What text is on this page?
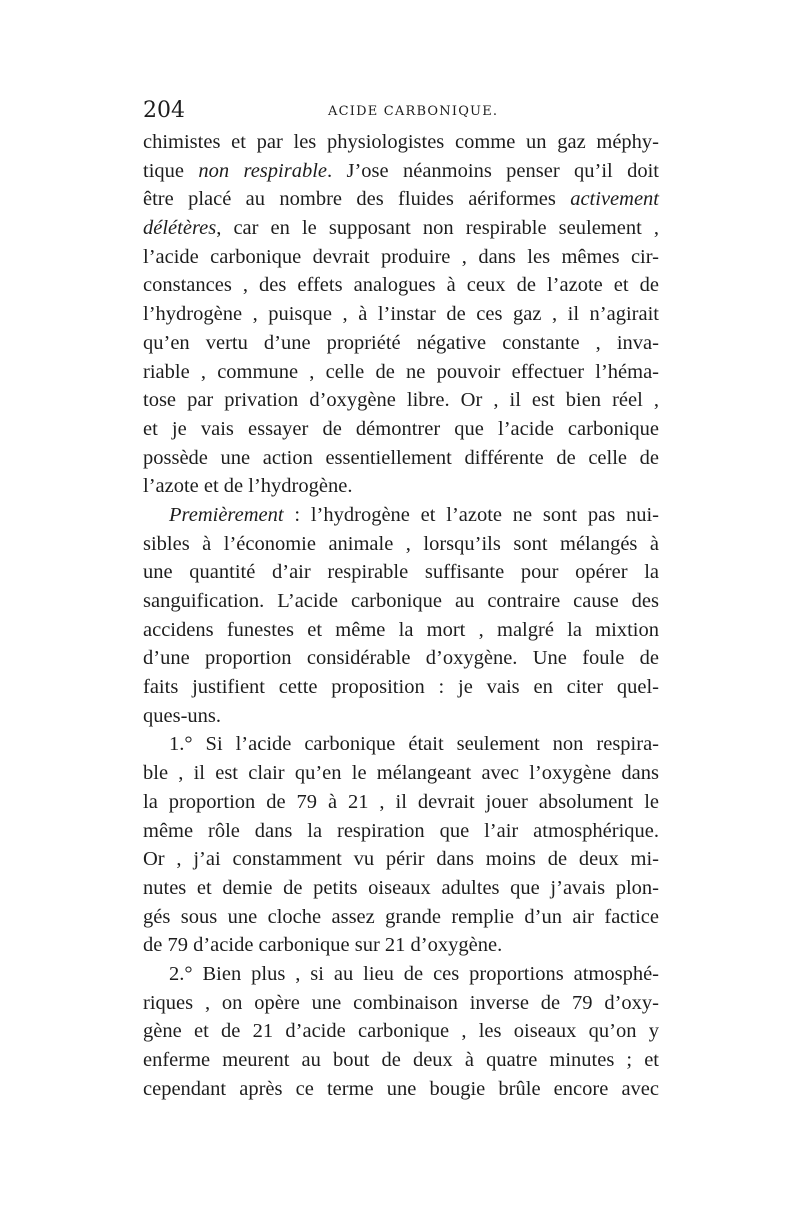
204	ACIDE CARBONIQUE.
chimistes et par les physiologistes comme un gaz méphy-
tique non respirable. J’ose néanmoins penser qu’il doit
être placé au nombre des fluides aériformes activement
délétères, car en le supposant non respirable seulement ,
l’acide carbonique devrait produire , dans les mêmes cir-
constances , des effets analogues à ceux de l’azote et de
l’hydrogène , puisque , à l’instar de ces gaz , il n’agirait
qu’en vertu d’une propriété négative constante , inva-
riable , commune , celle de ne pouvoir effectuer l’héma-
tose par privation d’oxygène libre. Or , il est bien réel ,
et je vais essayer de démontrer que l’acide carbonique
possède une action essentiellement différente de celle de
l’azote et de l’hydrogène.
Premièrement : l’hydrogène et l’azote ne sont pas nui-
sibles à l’économie animale , lorsqu’ils sont mélangés à
une quantité d’air respirable suffisante pour opérer la
sanguification. L’acide carbonique au contraire cause des
accidens funestes et même la mort , malgré la mixtion
d’une proportion considérable d’oxygène. Une foule de
faits justifient cette proposition : je vais en citer quel-
ques-uns.
1.° Si l’acide carbonique était seulement non respira-
ble , il est clair qu’en le mélangeant avec l’oxygène dans
la proportion de 79 à 21 , il devrait jouer absolument le
même rôle dans la respiration que l’air atmosphérique.
Or , j’ai constamment vu périr dans moins de deux mi-
nutes et demie de petits oiseaux adultes que j’avais plon-
gés sous une cloche assez grande remplie d’un air factice
de 79 d’acide carbonique sur 21 d’oxygène.
2.° Bien plus , si au lieu de ces proportions atmosphé-
riques , on opère une combinaison inverse de 79 d’oxy-
gène et de 21 d’acide carbonique , les oiseaux qu’on y
enferme meurent au bout de deux à quatre minutes ; et
cependant après ce terme une bougie brûle encore avec
